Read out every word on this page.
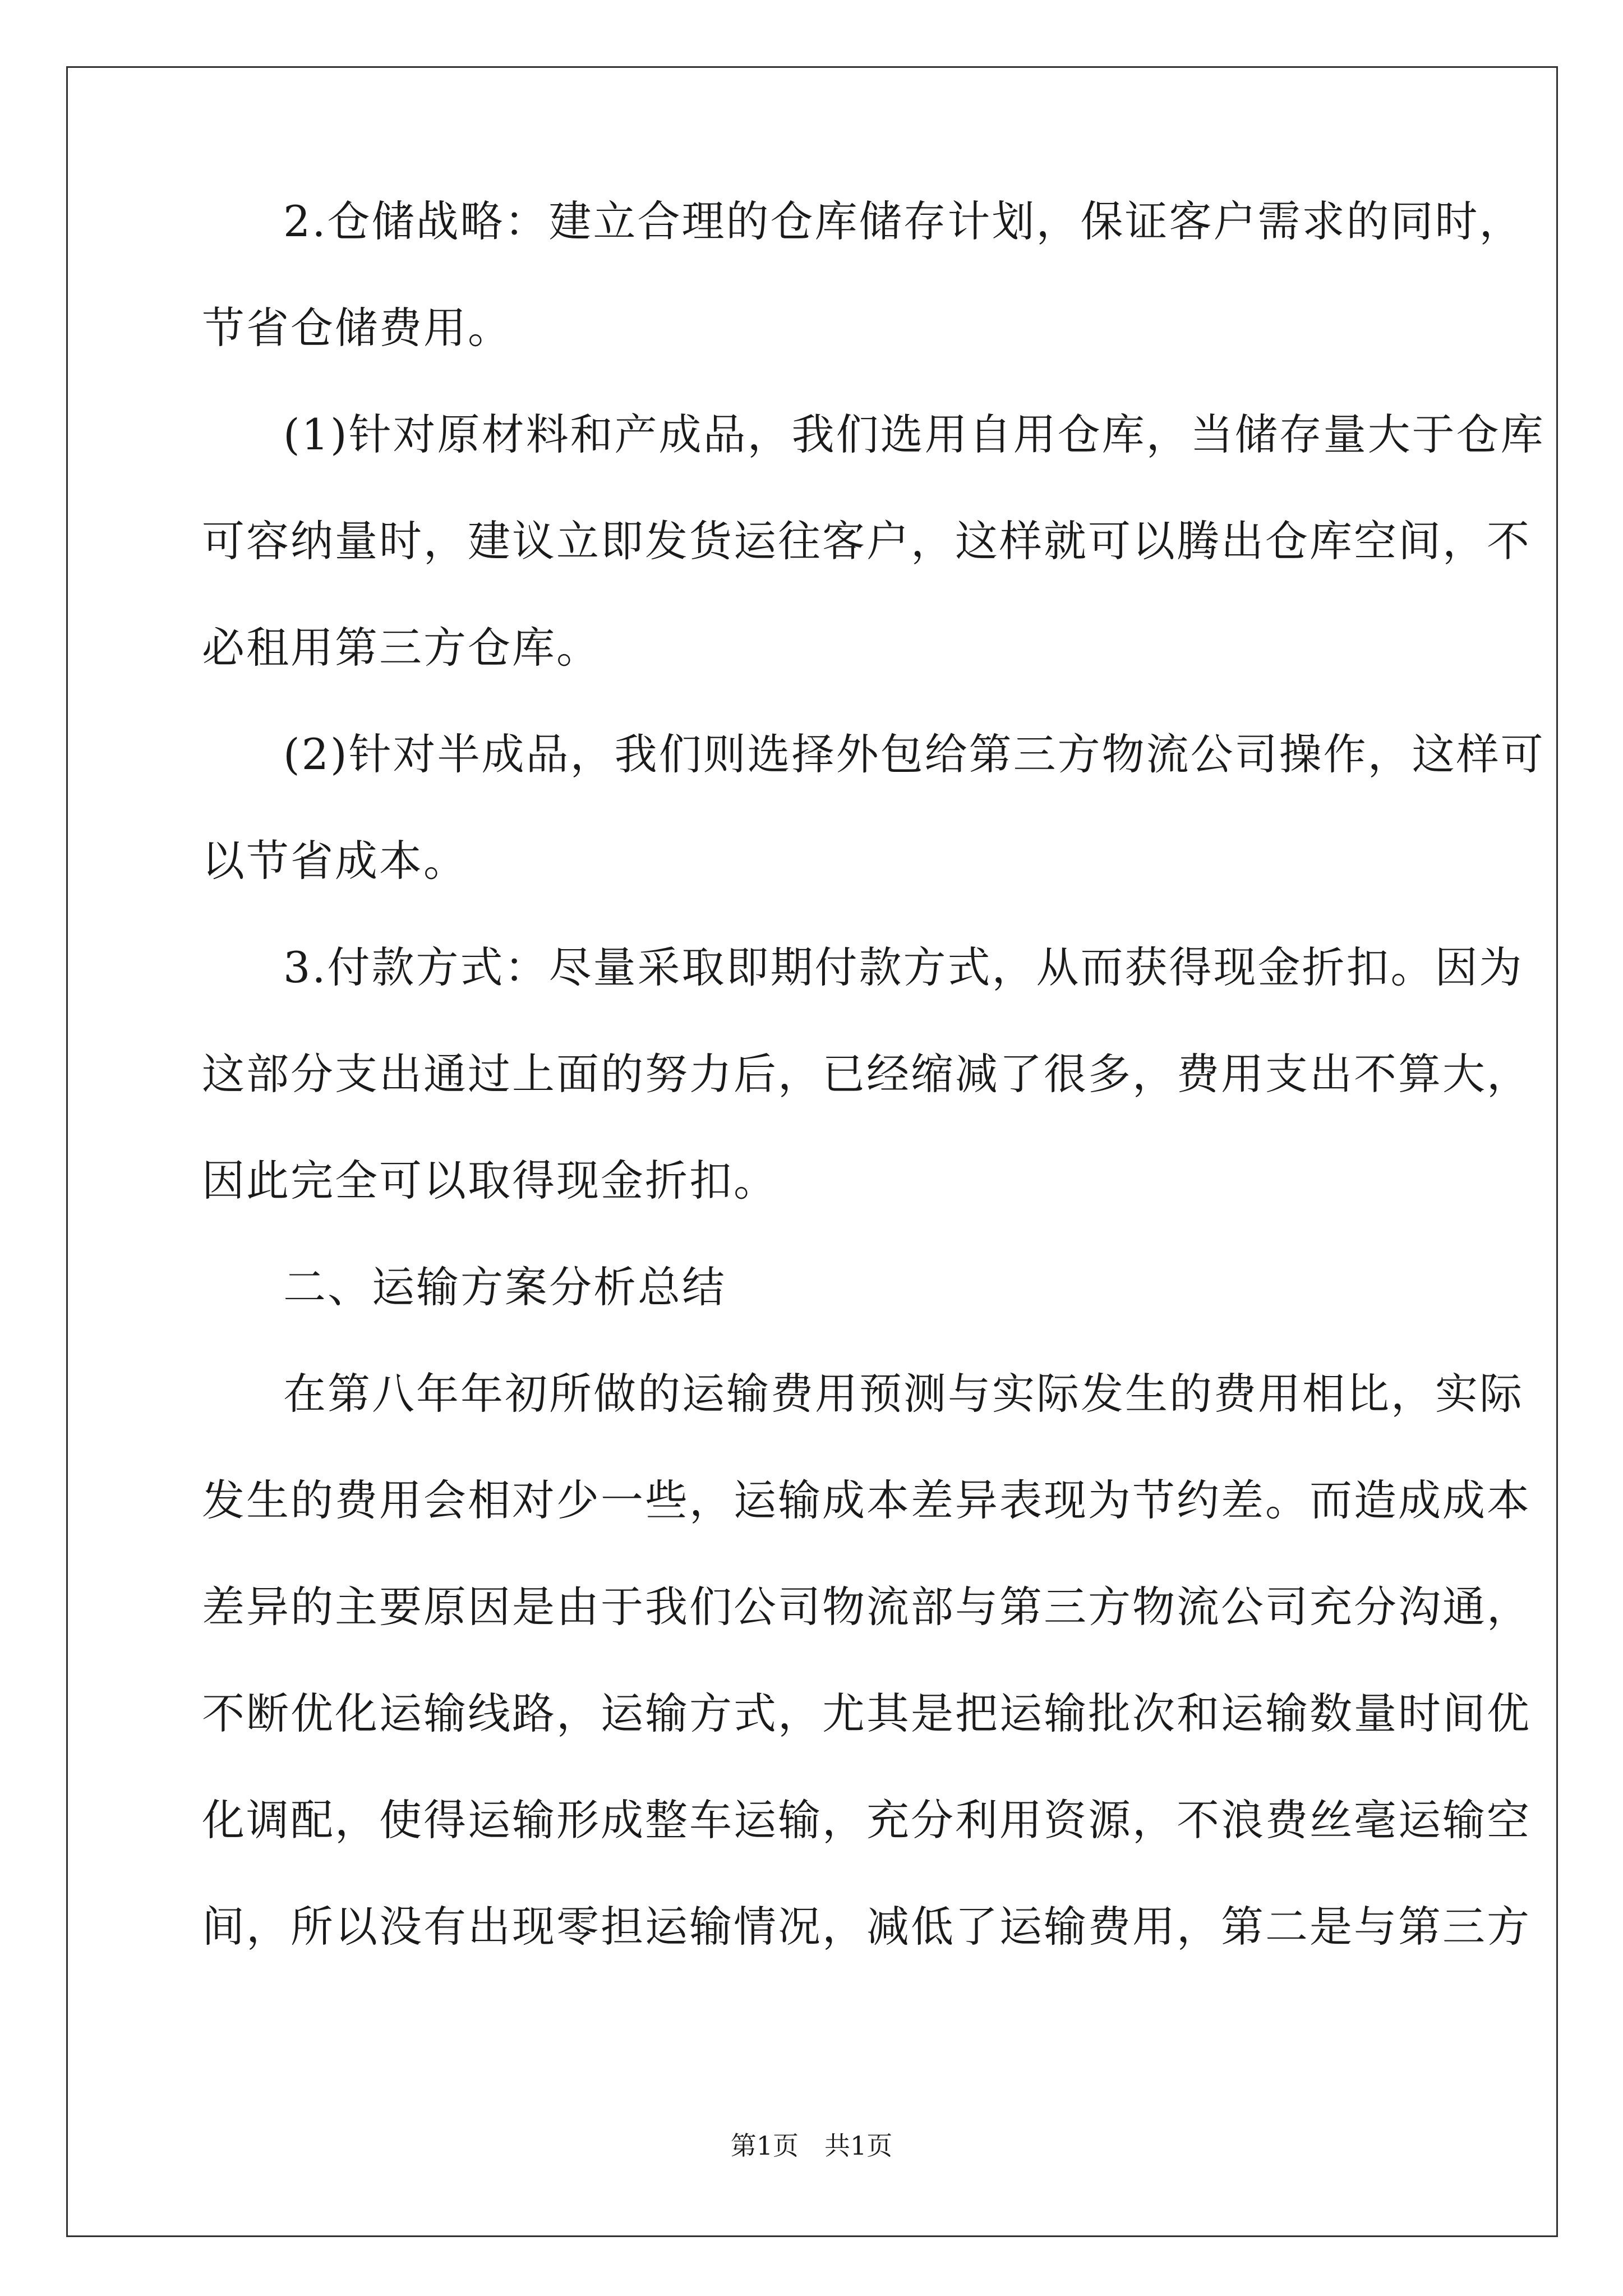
2.仓储战略：建立合理的仓库储存计划，保证客户需求的同时，
节省仓储费用。
(1)针对原材料和产成品，我们选用自用仓库，当储存量大于仓库
可容纳量时，建议立即发货运往客户，这样就可以腾出仓库空间，不
必租用第三方仓库。
(2)针对半成品，我们则选择外包给第三方物流公司操作，这样可
以节省成本。
3.付款方式：尽量采取即期付款方式，从而获得现金折扣。因为
这部分支出通过上面的努力后，已经缩减了很多，费用支出不算大，
因此完全可以取得现金折扣。
二、运输方案分析总结
在第八年年初所做的运输费用预测与实际发生的费用相比，实际
发生的费用会相对少一些，运输成本差异表现为节约差。而造成成本
差异的主要原因是由于我们公司物流部与第三方物流公司充分沟通，
不断优化运输线路，运输方式，尤其是把运输批次和运输数量时间优
化调配，使得运输形成整车运输，充分利用资源，不浪费丝毫运输空
间，所以没有出现零担运输情况，减低了运输费用，第二是与第三方
第1页　共1页
